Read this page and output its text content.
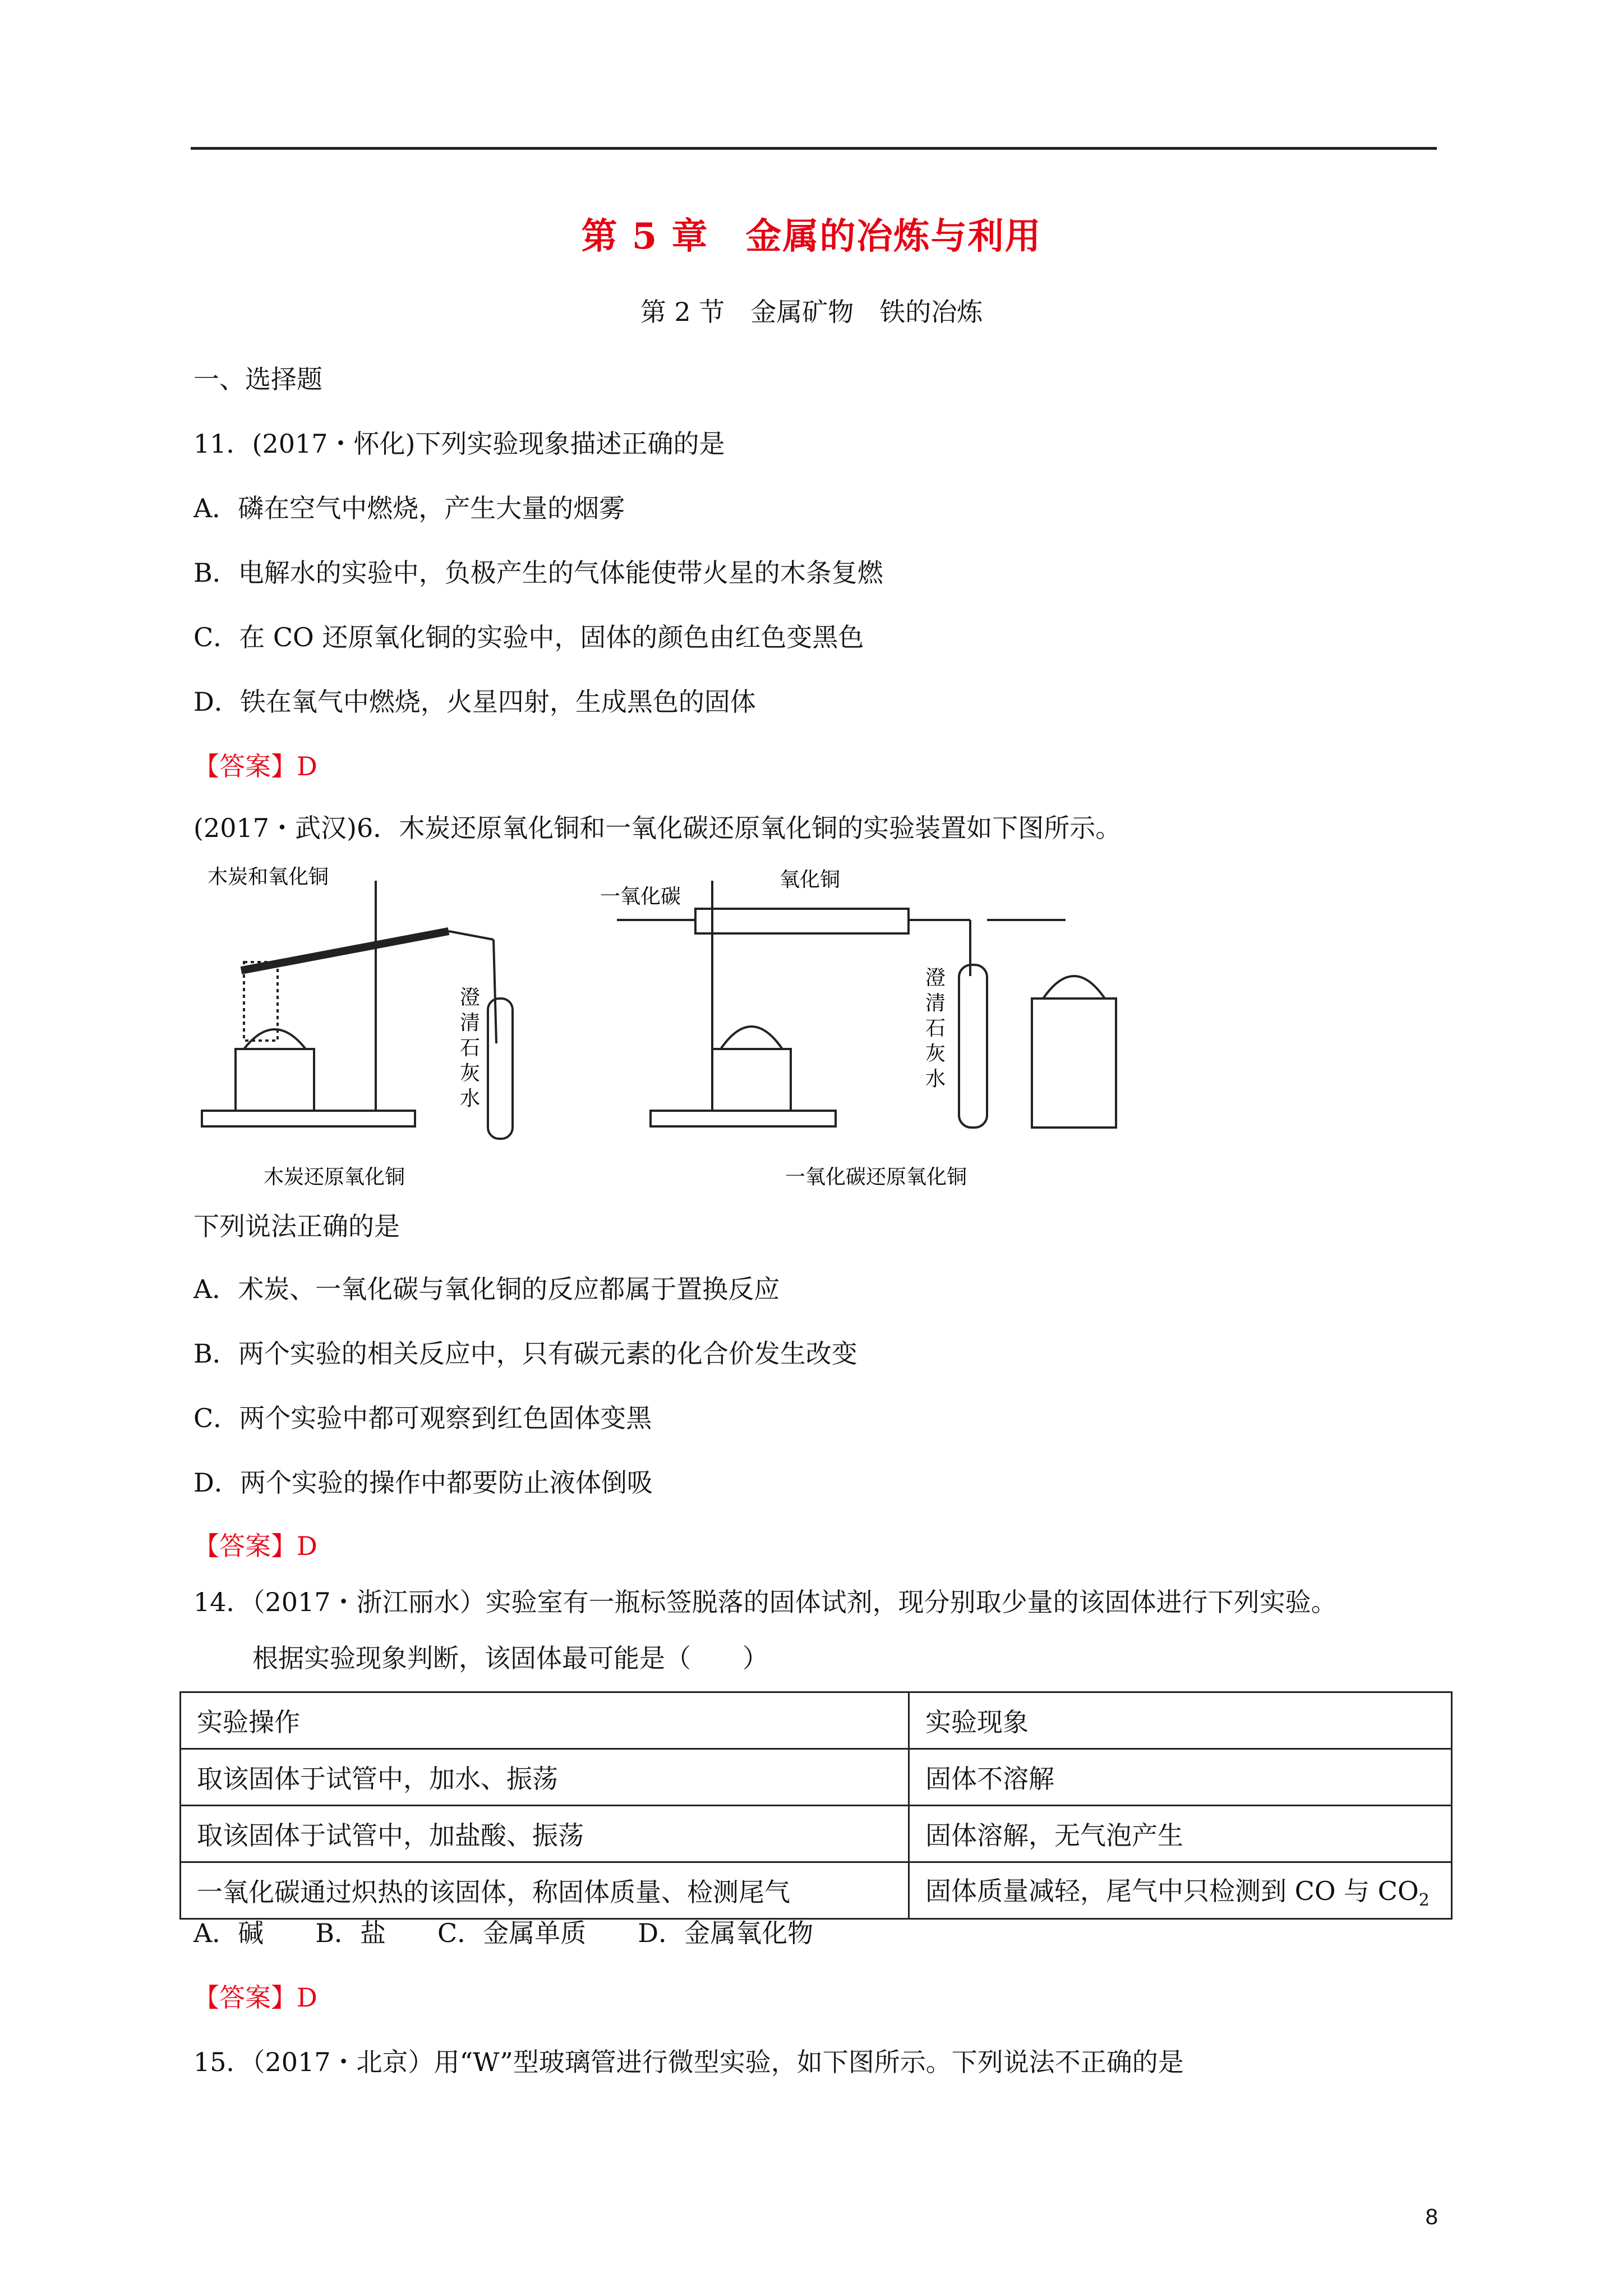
第 5 章　金属的冶炼与利用
第 2 节　金属矿物　铁的冶炼
一、选择题
11．(2017・怀化)下列实验现象描述正确的是
A．磷在空气中燃烧，产生大量的烟雾
B．电解水的实验中，负极产生的气体能使带火星的木条复燃
C．在 CO 还原氧化铜的实验中，固体的颜色由红色变黑色
D．铁在氧气中燃烧，火星四射，生成黑色的固体
【答案】D
(2017・武汉)6．木炭还原氧化铜和一氧化碳还原氧化铜的实验装置如下图所示。
木炭和氧化铜
澄
清
石
灰
水
木炭还原氧化铜
一氧化碳
氧化铜
澄
清
石
灰
水
一氧化碳还原氧化铜
下列说法正确的是
A．术炭、一氧化碳与氧化铜的反应都属于置换反应
B．两个实验的相关反应中，只有碳元素的化合价发生改变
C．两个实验中都可观察到红色固体变黑
D．两个实验的操作中都要防止液体倒吸
【答案】D
14．（2017・浙江丽水）实验室有一瓶标签脱落的固体试剂，现分别取少量的该固体进行下列实验。
根据实验现象判断，该固体最可能是（　　）
实验操作	实验现象
取该固体于试管中，加水、振荡	固体不溶解
取该固体于试管中，加盐酸、振荡	固体溶解，无气泡产生
一氧化碳通过炽热的该固体，称固体质量、检测尾气	固体质量减轻，尾气中只检测到 CO 与 $CO_2$
A．碱　　B．盐　　C．金属单质　　D．金属氧化物
【答案】D
15．（2017・北京）用“W”型玻璃管进行微型实验，如下图所示。下列说法不正确的是
8
